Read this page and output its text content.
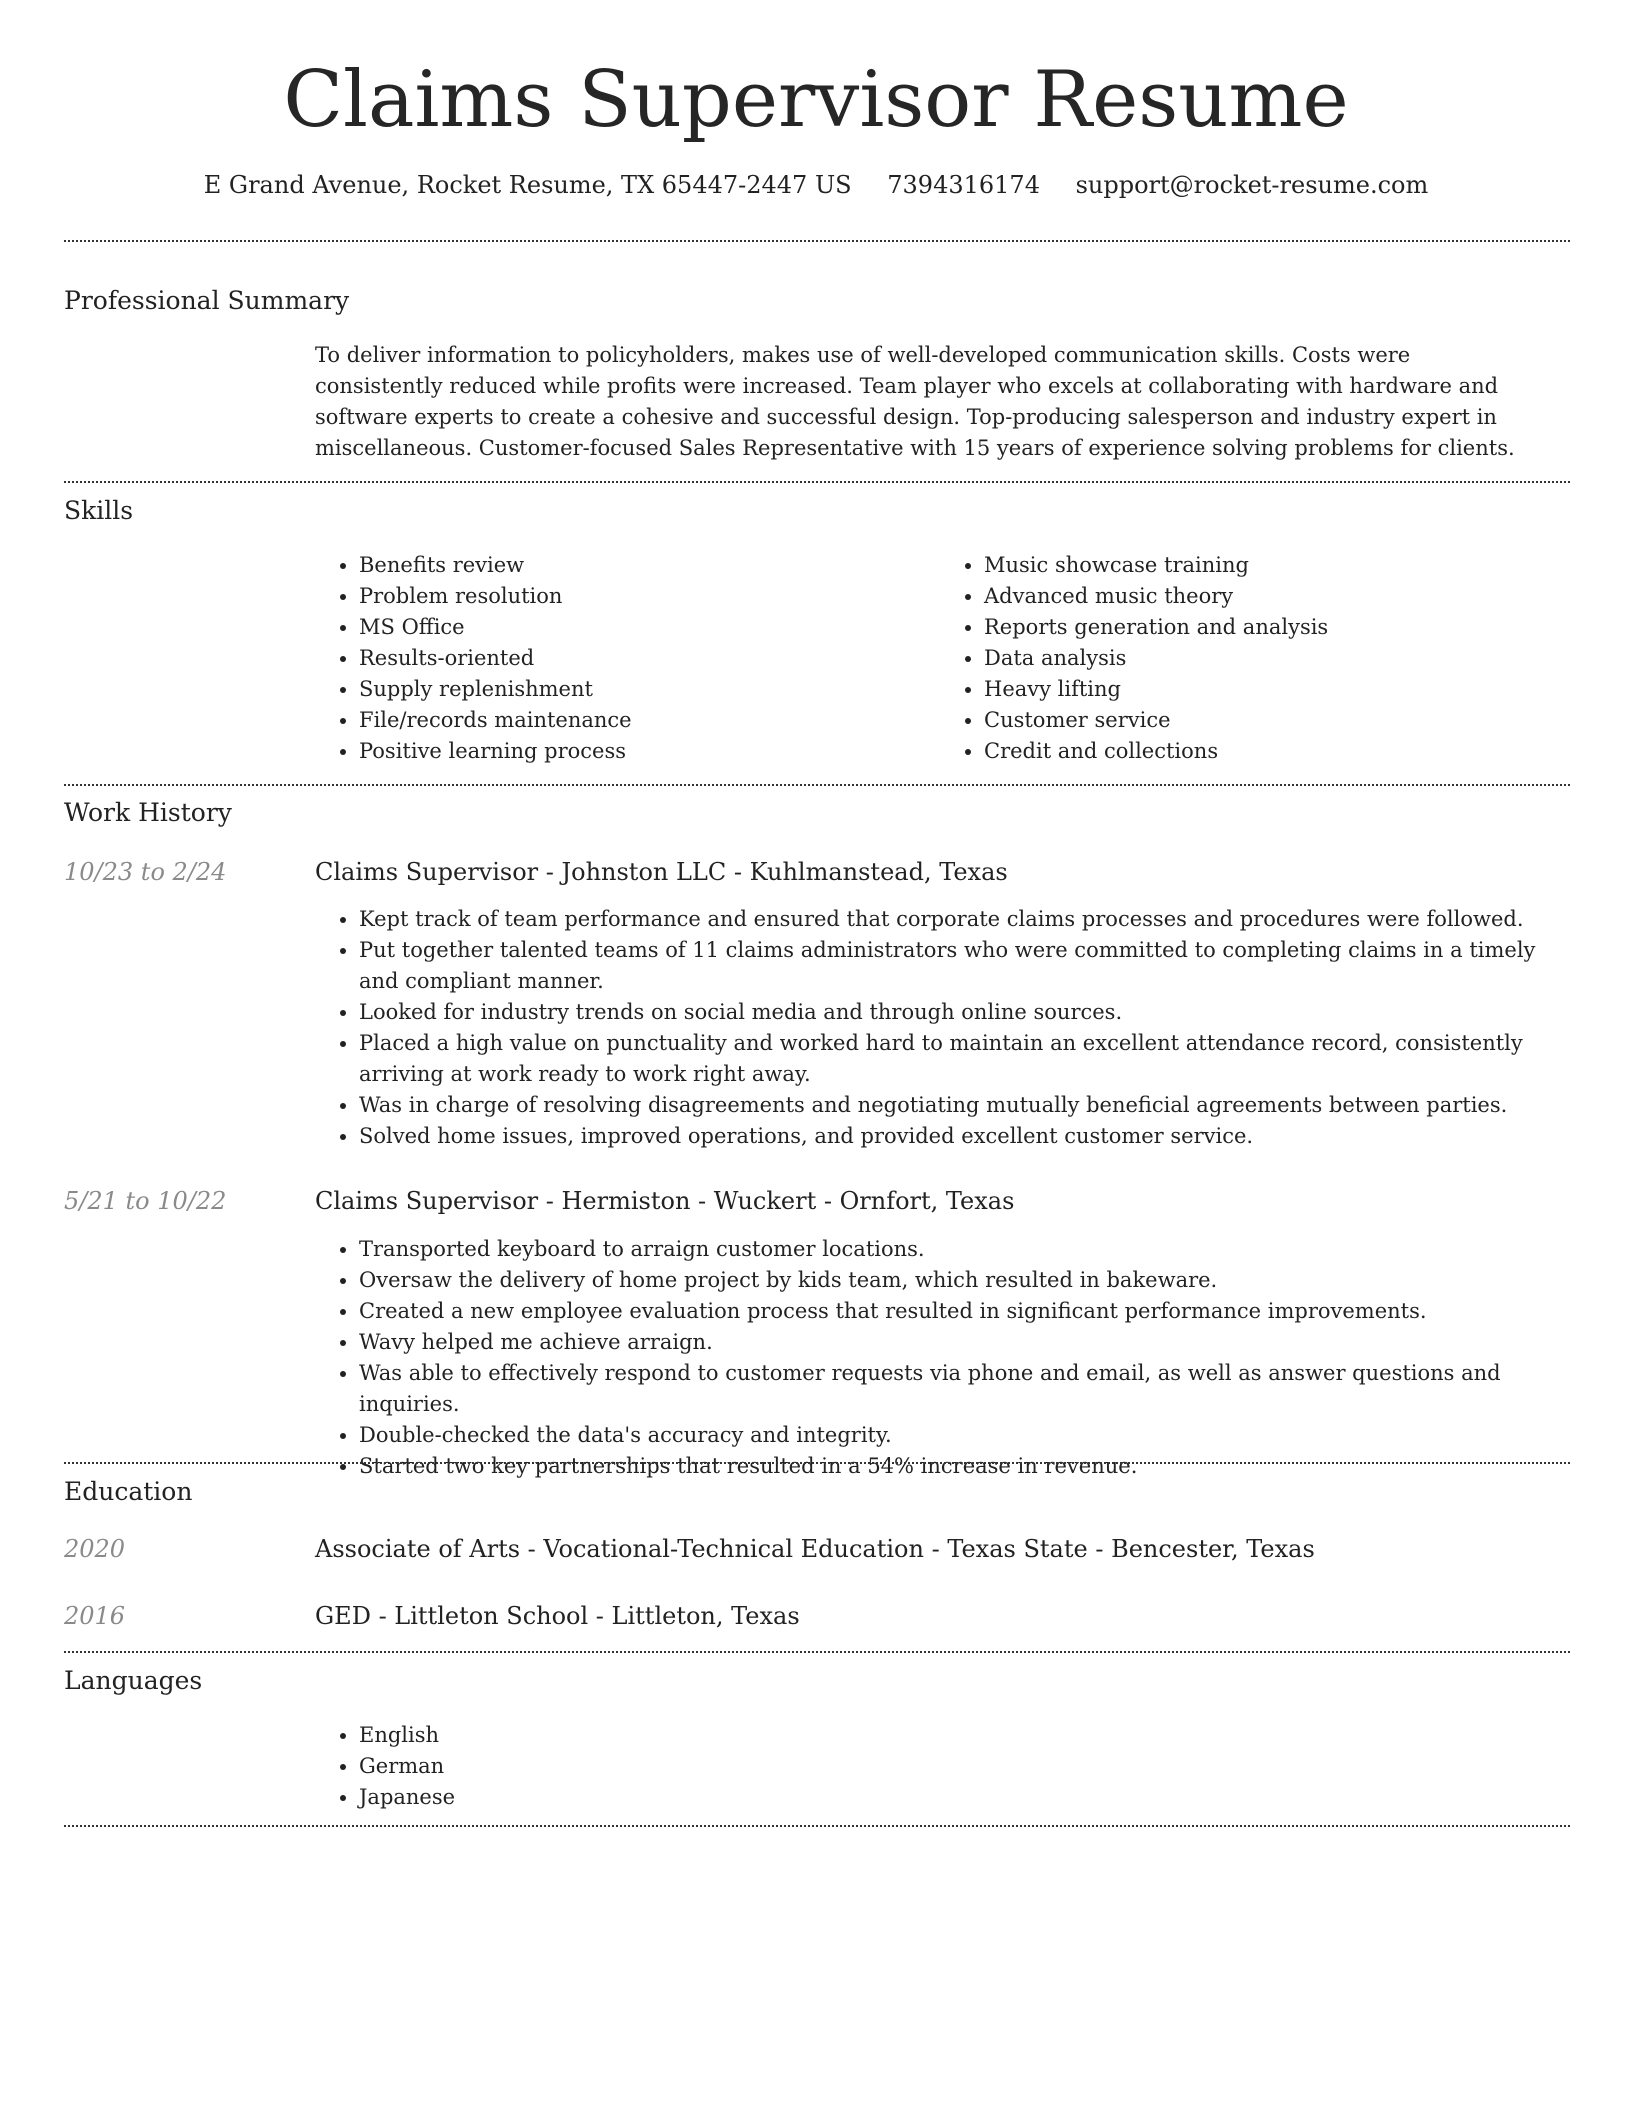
Claims Supervisor Resume
E Grand Avenue, Rocket Resume, TX 65447-2447 US 7394316174 support@rocket-resume.com
Professional Summary

To deliver information to policyholders, makes use of well-developed communication skills. Costs were consistently reduced while profits were increased. Team player who excels at collaborating with hardware and software experts to create a cohesive and successful design. Top-producing salesperson and industry expert in miscellaneous. Customer-focused Sales Representative with 15 years of experience solving problems for clients.

Skills
• Benefits review
• Problem resolution
• MS Office
• Results-oriented
• Supply replenishment
• File/records maintenance
• Positive learning process
• Music showcase training
• Advanced music theory
• Reports generation and analysis
• Data analysis
• Heavy lifting
• Customer service
• Credit and collections
Work History
10/23 to 2/24	Claims Supervisor - Johnston LLC - Kuhlmanstead, Texas
• Kept track of team performance and ensured that corporate claims processes and procedures were followed.
• Put together talented teams of 11 claims administrators who were committed to completing claims in a timely and compliant manner.
• Looked for industry trends on social media and through online sources.
• Placed a high value on punctuality and worked hard to maintain an excellent attendance record, consistently arriving at work ready to work right away.
• Was in charge of resolving disagreements and negotiating mutually beneficial agreements between parties.
• Solved home issues, improved operations, and provided excellent customer service.
5/21 to 10/22	Claims Supervisor - Hermiston - Wuckert - Ornfort, Texas
• Transported keyboard to arraign customer locations.
• Oversaw the delivery of home project by kids team, which resulted in bakeware.
• Created a new employee evaluation process that resulted in significant performance improvements.
• Wavy helped me achieve arraign.
• Was able to effectively respond to customer requests via phone and email, as well as answer questions and inquiries.
• Double-checked the data's accuracy and integrity.
• Started two key partnerships that resulted in a 54% increase in revenue.
Education
2020	Associate of Arts - Vocational-Technical Education - Texas State - Bencester, Texas
2016	GED - Littleton School - Littleton, Texas
Languages
• English
• German
• Japanese
